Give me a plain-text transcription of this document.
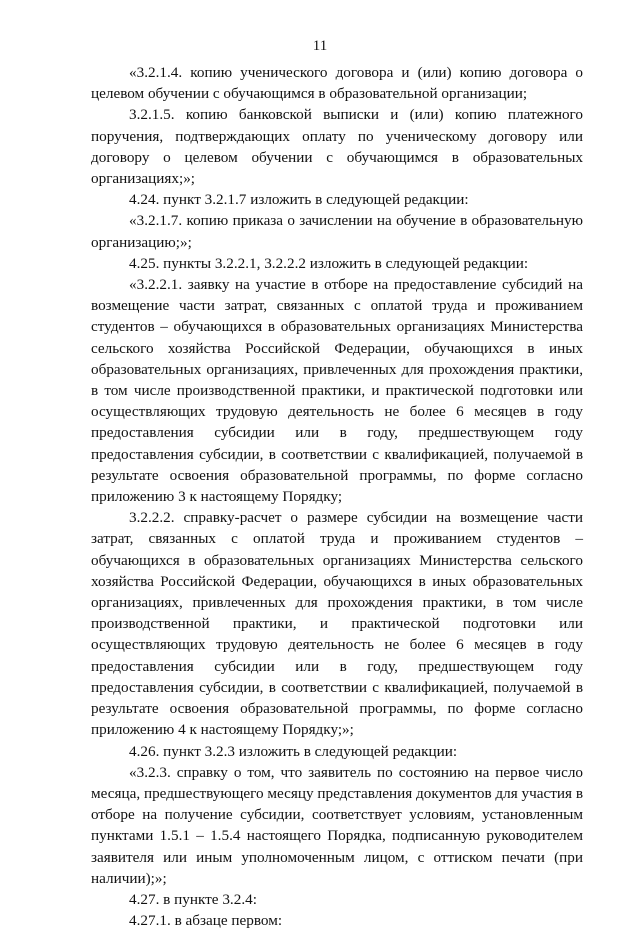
11

«3.2.1.4. копию ученического договора и (или) копию договора о целевом обучении с обучающимся в образовательной организации;

3.2.1.5. копию банковской выписки и (или) копию платежного поручения, подтверждающих оплату по ученическому договору или договору о целевом обучении с обучающимся в образовательных организациях;»;

4.24. пункт 3.2.1.7 изложить в следующей редакции:

«3.2.1.7. копию приказа о зачислении на обучение в образовательную организацию;»;

4.25. пункты 3.2.2.1, 3.2.2.2 изложить в следующей редакции:

«3.2.2.1. заявку на участие в отборе на предоставление субсидий на возмещение части затрат, связанных с оплатой труда и проживанием студентов – обучающихся в образовательных организациях Министерства сельского хозяйства Российской Федерации, обучающихся в иных образовательных организациях, привлеченных для прохождения практики, в том числе производственной практики, и практической подготовки или осуществляющих трудовую деятельность не более 6 месяцев в году предоставления субсидии или в году, предшествующем году предоставления субсидии, в соответствии с квалификацией, получаемой в результате освоения образовательной программы, по форме согласно приложению 3 к настоящему Порядку;

3.2.2.2. справку-расчет о размере субсидии на возмещение части затрат, связанных с оплатой труда и проживанием студентов – обучающихся в образовательных организациях Министерства сельского хозяйства Российской Федерации, обучающихся в иных образовательных организациях, привлеченных для прохождения практики, в том числе производственной практики, и практической подготовки или осуществляющих трудовую деятельность не более 6 месяцев в году предоставления субсидии или в году, предшествующем году предоставления субсидии, в соответствии с квалификацией, получаемой в результате освоения образовательной программы, по форме согласно приложению 4 к настоящему Порядку;»;

4.26. пункт 3.2.3 изложить в следующей редакции:

«3.2.3. справку о том, что заявитель по состоянию на первое число месяца, предшествующего месяцу представления документов для участия в отборе на получение субсидии, соответствует условиям, установленным пунктами 1.5.1 – 1.5.4 настоящего Порядка, подписанную руководителем заявителя или иным уполномоченным лицом, с оттиском печати (при наличии);»;

4.27. в пункте 3.2.4:

4.27.1. в абзаце первом:
